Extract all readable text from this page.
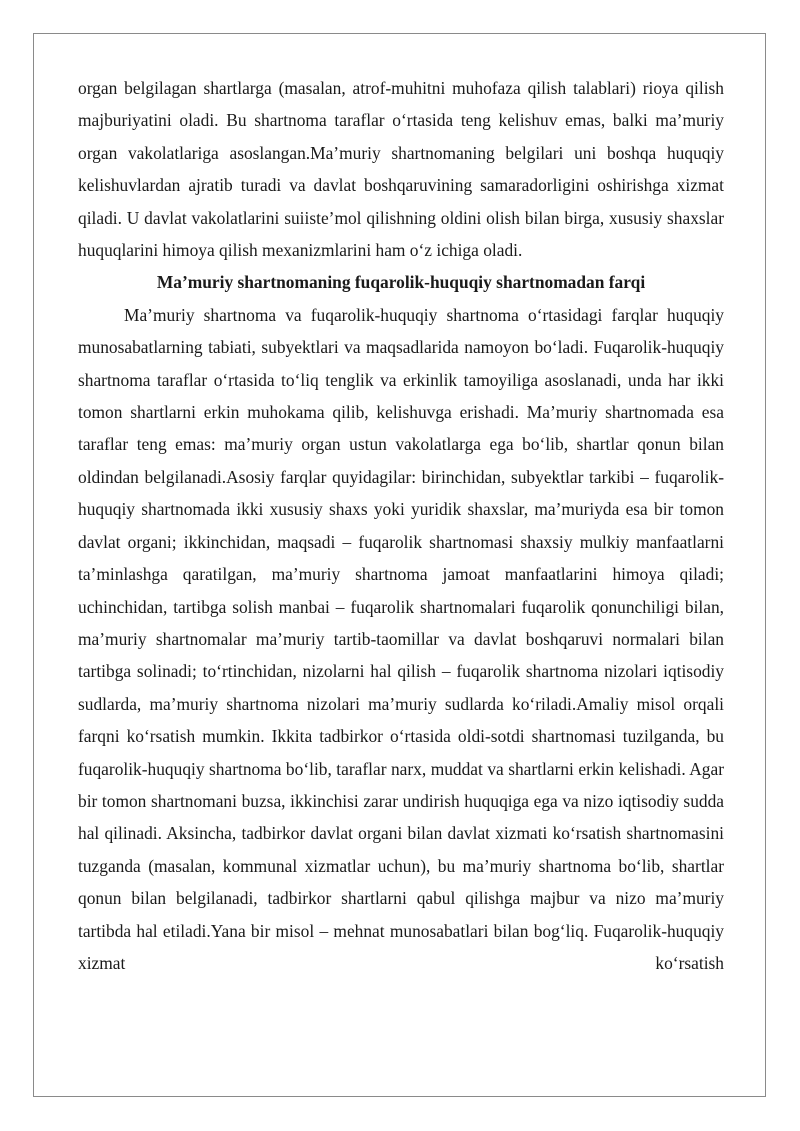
organ belgilagan shartlarga (masalan, atrof-muhitni muhofaza qilish talablari) rioya qilish majburiyatini oladi. Bu shartnoma taraflar o‘rtasida teng kelishuv emas, balki ma’muriy organ vakolatlariga asoslangan.Ma’muriy shartnomaning belgilari uni boshqa huquqiy kelishuvlardan ajratib turadi va davlat boshqaruvining samaradorligini oshirishga xizmat qiladi. U davlat vakolatlarini suiiste’mol qilishning oldini olish bilan birga, xususiy shaxslar huquqlarini himoya qilish mexanizmlarini ham o‘z ichiga oladi.

Ma’muriy shartnomaning fuqarolik-huquqiy shartnomadan farqi

Ma’muriy shartnoma va fuqarolik-huquqiy shartnoma o‘rtasidagi farqlar huquqiy munosabatlarning tabiati, subyektlari va maqsadlarida namoyon bo‘ladi. Fuqarolik-huquqiy shartnoma taraflar o‘rtasida to‘liq tenglik va erkinlik tamoyiliga asoslanadi, unda har ikki tomon shartlarni erkin muhokama qilib, kelishuvga erishadi. Ma’muriy shartnomada esa taraflar teng emas: ma’muriy organ ustun vakolatlarga ega bo‘lib, shartlar qonun bilan oldindan belgilanadi.Asosiy farqlar quyidagilar: birinchidan, subyektlar tarkibi – fuqarolik-huquqiy shartnomada ikki xususiy shaxs yoki yuridik shaxslar, ma’muriyda esa bir tomon davlat organi; ikkinchidan, maqsadi – fuqarolik shartnomasi shaxsiy mulkiy manfaatlarni ta’minlashga qaratilgan, ma’muriy shartnoma jamoat manfaatlarini himoya qiladi; uchinchidan, tartibga solish manbai – fuqarolik shartnomalari fuqarolik qonunchiligi bilan, ma’muriy shartnomalar ma’muriy tartib-taomillar va davlat boshqaruvi normalari bilan tartibga solinadi; to‘rtinchidan, nizolarni hal qilish – fuqarolik shartnoma nizolari iqtisodiy sudlarda, ma’muriy shartnoma nizolari ma’muriy sudlarda ko‘riladi.Amaliy misol orqali farqni ko‘rsatish mumkin. Ikkita tadbirkor o‘rtasida oldi-sotdi shartnomasi tuzilganda, bu fuqarolik-huquqiy shartnoma bo‘lib, taraflar narx, muddat va shartlarni erkin kelishadi. Agar bir tomon shartnomani buzsa, ikkinchisi zarar undirish huquqiga ega va nizo iqtisodiy sudda hal qilinadi. Aksincha, tadbirkor davlat organi bilan davlat xizmati ko‘rsatish shartnomasini tuzganda (masalan, kommunal xizmatlar uchun), bu ma’muriy shartnoma bo‘lib, shartlar qonun bilan belgilanadi, tadbirkor shartlarni qabul qilishga majbur va nizo ma’muriy tartibda hal etiladi.Yana bir misol – mehnat munosabatlari bilan bog‘liq. Fuqarolik-huquqiy xizmat ko‘rsatish
